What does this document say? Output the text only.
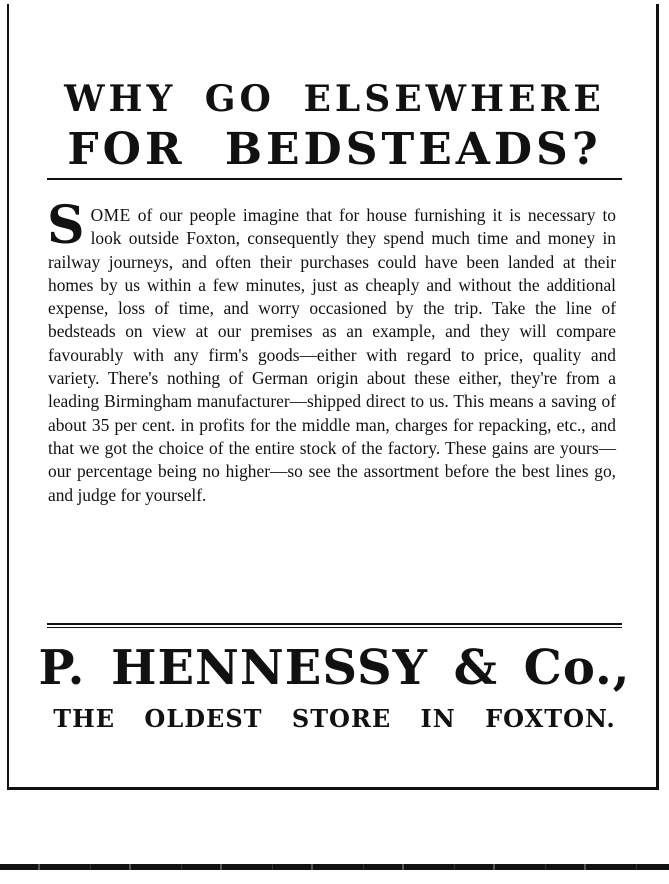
WHY GO ELSEWHERE
FOR BEDSTEADS?
SOME of our people imagine that for house furnishing it is necessary to look outside Foxton, consequently they spend much time and money in railway journeys, and often their purchases could have been landed at their homes by us within a few minutes, just as cheaply and without the additional expense, loss of time, and worry occasioned by the trip. Take the line of bedsteads on view at our premises as an example, and they will compare favourably with any firm's goods—either with regard to price, quality and variety. There's nothing of German origin about these either, they're from a leading Birmingham manufacturer—shipped direct to us. This means a saving of about 35 per cent. in profits for the middle man, charges for repacking, etc., and that we got the choice of the entire stock of the factory. These gains are yours—our percentage being no higher—so see the assortment before the best lines go, and judge for yourself.
P. HENNESSY & Co.,
THE OLDEST STORE IN FOXTON.
